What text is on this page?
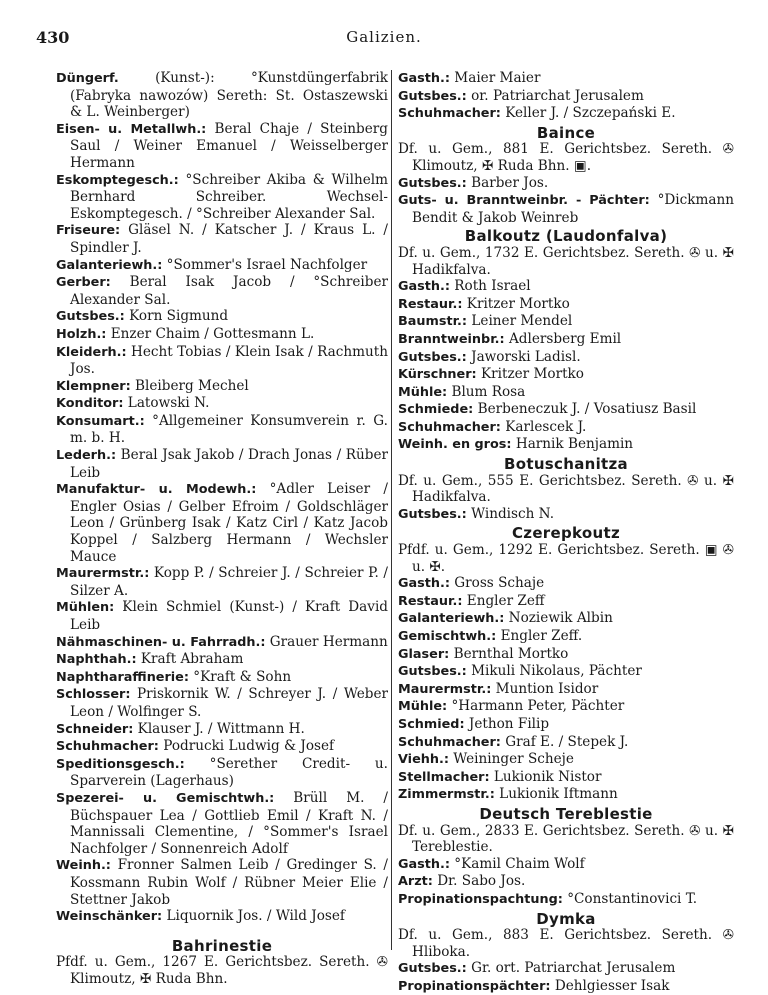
430	Galizien.

Düngerf. (Kunst-): °Kunstdüngerfabrik (Fabryka nawozów) Sereth: St. Ostaszewski & L. Weinberger)

Eisen- u. Metallwh.: Beral Chaje / Steinberg Saul / Weiner Emanuel / Weisselberger Hermann

Eskomptegesch.: °Schreiber Akiba & Wilhelm Bernhard Schreiber. Wechsel-Eskomptegesch. / °Schreiber Alexander Sal.

Friseure: Gläsel N. / Katscher J. / Kraus L. / Spindler J.

Galanteriewh.: °Sommer's Israel Nachfolger

Gerber: Beral Isak Jacob / °Schreiber Alexander Sal.

Gutsbes.: Korn Sigmund

Holzh.: Enzer Chaim / Gottesmann L.

Kleiderh.: Hecht Tobias / Klein Isak / Rachmuth Jos.

Klempner: Bleiberg Mechel

Konditor: Latowski N.

Konsumart.: °Allgemeiner Konsumverein r. G. m. b. H.

Lederh.: Beral Jsak Jakob / Drach Jonas / Rüber Leib

Manufaktur- u. Modewh.: °Adler Leiser / Engler Osias / Gelber Efroim / Goldschläger Leon / Grünberg Isak / Katz Cirl / Katz Jacob Koppel / Salzberg Hermann / Wechsler Mauce

Maurermstr.: Kopp P. / Schreier J. / Schreier P. / Silzer A.

Mühlen: Klein Schmiel (Kunst-) / Kraft David Leib

Nähmaschinen- u. Fahrradh.: Grauer Hermann

Naphthah.: Kraft Abraham

Naphtharaffinerie: °Kraft & Sohn

Schlosser: Priskornik W. / Schreyer J. / Weber Leon / Wolfinger S.

Schneider: Klauser J. / Wittmann H.

Schuhmacher: Podrucki Ludwig & Josef

Speditionsgesch.: °Serether Credit- u. Sparverein (Lagerhaus)

Spezerei- u. Gemischtwh.: Brüll M. / Büchspauer Lea / Gottlieb Emil / Kraft N. / Mannissali Clementine, / °Sommer's Israel Nachfolger / Sonnenreich Adolf

Weinh.: Fronner Salmen Leib / Gredinger S. / Kossmann Rubin Wolf / Rübner Meier Elie / Stettner Jakob

Weinschänker: Liquornik Jos. / Wild Josef

Bahrinestie

Pfdf. u. Gem., 1267 E. Gerichtsbez. Sereth. ✇ Klimoutz, ✠ Ruda Bhn.

Gasth.: Maier Maier

Gutsbes.: or. Patriarchat Jerusalem

Schuhmacher: Keller J. / Szczepański E.

Baince

Df. u. Gem., 881 E. Gerichtsbez. Sereth. ✇ Klimoutz, ✠ Ruda Bhn. ▣.

Gutsbes.: Barber Jos.

Guts- u. Branntweinbr. - Pächter: °Dickmann Bendit & Jakob Weinreb

Balkoutz (Laudonfalva)

Df. u. Gem., 1732 E. Gerichtsbez. Sereth. ✇ u. ✠ Hadikfalva.

Gasth.: Roth Israel

Restaur.: Kritzer Mortko

Baumstr.: Leiner Mendel

Branntweinbr.: Adlersberg Emil

Gutsbes.: Jaworski Ladisl.

Kürschner: Kritzer Mortko

Mühle: Blum Rosa

Schmiede: Berbeneczuk J. / Vosatiusz Basil

Schuhmacher: Karlescek J.

Weinh. en gros: Harnik Benjamin

Botuschanitza

Df. u. Gem., 555 E. Gerichtsbez. Sereth. ✇ u. ✠ Hadikfalva.

Gutsbes.: Windisch N.

Czerepkoutz

Pfdf. u. Gem., 1292 E. Gerichtsbez. Sereth. ▣ ✇ u. ✠.

Gasth.: Gross Schaje

Restaur.: Engler Zeff

Galanteriewh.: Noziewik Albin

Gemischtwh.: Engler Zeff.

Glaser: Bernthal Mortko

Gutsbes.: Mikuli Nikolaus, Pächter

Maurermstr.: Muntion Isidor

Mühle: °Harmann Peter, Pächter

Schmied: Jethon Filip

Schuhmacher: Graf E. / Stepek J.

Viehh.: Weininger Scheje

Stellmacher: Lukionik Nistor

Zimmermstr.: Lukionik Iftmann

Deutsch Tereblestie

Df. u. Gem., 2833 E. Gerichtsbez. Sereth. ✇ u. ✠ Tereblestie.

Gasth.: °Kamil Chaim Wolf

Arzt: Dr. Sabo Jos.

Propinationspachtung: °Constantinovici T.

Dymka

Df. u. Gem., 883 E. Gerichtsbez. Sereth. ✇ Hliboka.

Gutsbes.: Gr. ort. Patriarchat Jerusalem

Propinationspächter: Dehlgiesser Isak
